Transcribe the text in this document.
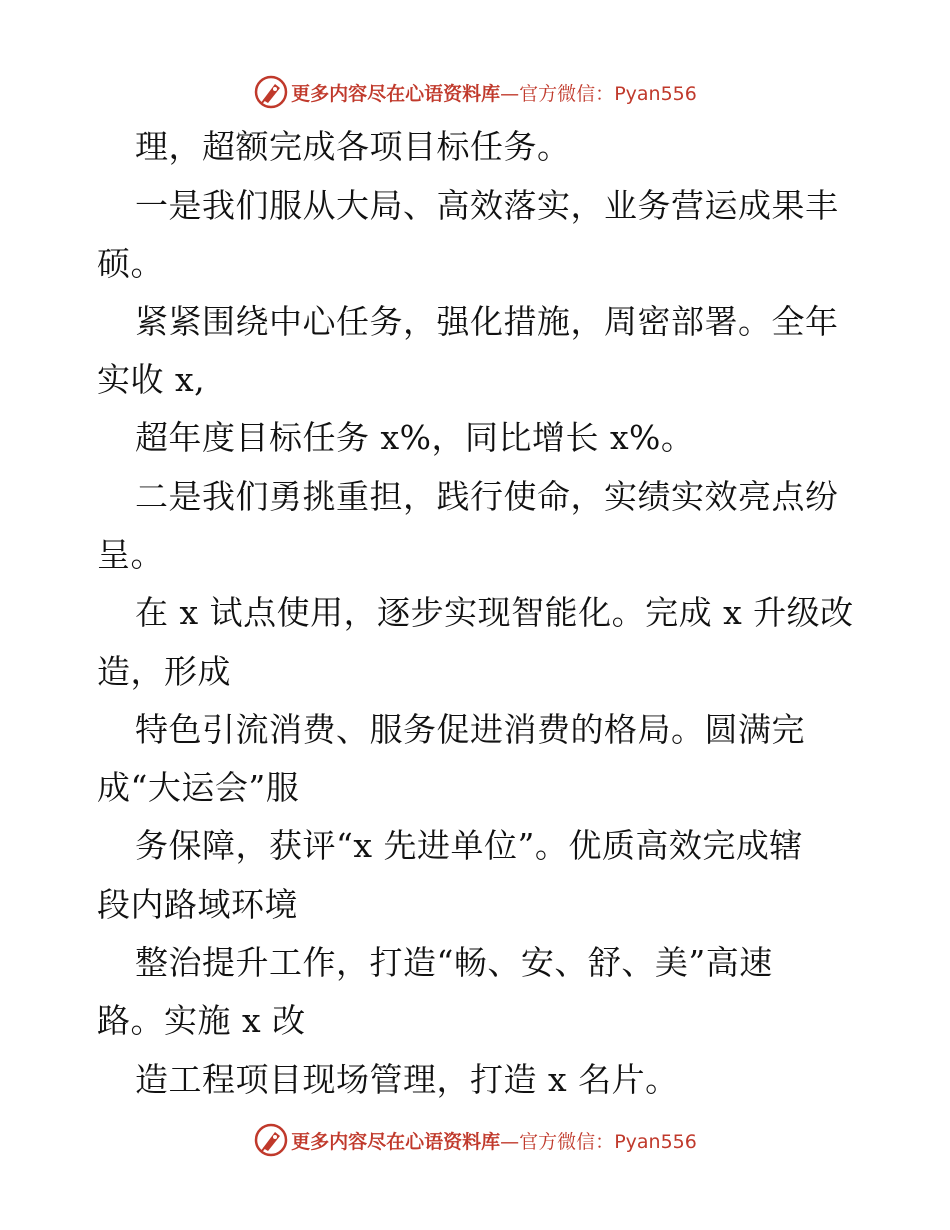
更多内容尽在心语资料库—官方微信：Pyan556
理，超额完成各项目标任务。
一是我们服从大局、高效落实，业务营运成果丰
硕。
紧紧围绕中心任务，强化措施，周密部署。全年
实收 x,
超年度目标任务 x%，同比增长 x%。
二是我们勇挑重担，践行使命，实绩实效亮点纷
呈。
在 x 试点使用，逐步实现智能化。完成 x 升级改
造，形成
特色引流消费、服务促进消费的格局。圆满完
成“大运会”服
务保障，获评“x 先进单位”。优质高效完成辖
段内路域环境
整治提升工作，打造“畅、安、舒、美”高速
路。实施 x 改
造工程项目现场管理，打造 x 名片。
更多内容尽在心语资料库—官方微信：Pyan556
